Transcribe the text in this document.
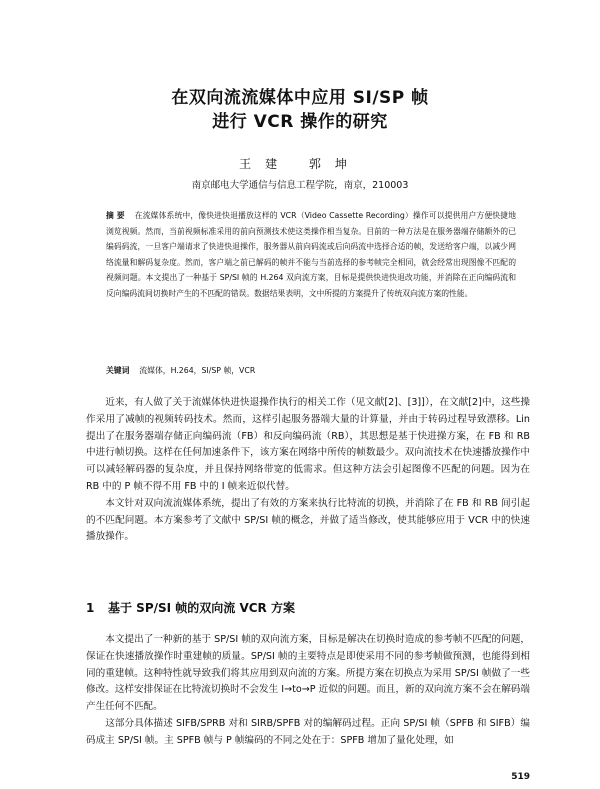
在双向流流媒体中应用 SI/SP 帧
进行 VCR 操作的研究
王建 郭坤
南京邮电大学通信与信息工程学院，南京，210003
摘 要 在流媒体系统中，像快进快退播放这样的 VCR（Video Cassette Recording）操作可以提供用户方便快捷地浏览视频。然而，当前视频标准采用的前向预测技术使这类操作相当复杂。目前的一种方法是在服务器端存储额外的已编码码流，一旦客户端请求了快进快退操作，服务器从前向码流或后向码流中选择合适的帧，发送给客户端，以减少网络流量和解码复杂度。然而，客户端之前已解码的帧并不能与当前选择的参考帧完全相同，就会经常出现图像不匹配的视频问题。本文提出了一种基于 SP/SI 帧的 H.264 双向流方案，目标是提供快进快退改功能，并消除在正向编码流和反向编码流间切换时产生的不匹配的错误。数据结果表明，文中所提的方案提升了传统双向流方案的性能。
关键词 流媒体，H.264，SI/SP 帧，VCR

近来，有人做了关于流媒体快进快退操作执行的相关工作（见文献[2]、[3]]），在文献[2]中，这些操作采用了减帧的视频转码技术。然而，这样引起服务器端大量的计算量，并由于转码过程导致漂移。Lin 提出了在服务器端存储正向编码流（FB）和反向编码流（RB），其思想是基于快进操方案，在 FB 和 RB 中进行帧切换。这样在任何加速条件下，该方案在网络中所传的帧数最少。双向流技术在快速播放操作中可以减轻解码器的复杂度，并且保持网络带宽的低需求。但这种方法会引起图像不匹配的问题。因为在 RB 中的 P 帧不得不用 FB 中的 I 帧来近似代替。

本文针对双向流流媒体系统，提出了有效的方案来执行比特流的切换，并消除了在 FB 和 RB 间引起的不匹配问题。本方案参考了文献中 SP/SI 帧的概念，并做了适当修改，使其能够应用于 VCR 中的快速播放操作。

1 基于 SP/SI 帧的双向流 VCR 方案

本文提出了一种新的基于 SP/SI 帧的双向流方案，目标是解决在切换时造成的参考帧不匹配的问题，保证在快速播放操作时重建帧的质量。SP/SI 帧的主要特点是即使采用不同的参考帧做预测，也能得到相同的重建帧。这种特性就导致我们将其应用到双向流的方案。所提方案在切换点为采用 SP/SI 帧做了一些修改。这样安排保证在比特流切换时不会发生 I→to→P 近似的问题。而且，新的双向流方案不会在解码端产生任何不匹配。

这部分具体描述 SIFB/SPRB 对和 SIRB/SPFB 对的编解码过程。正向 SP/SI 帧（SPFB 和 SIFB）编码成主 SP/SI 帧。主 SPFB 帧与 P 帧编码的不同之处在于：SPFB 增加了量化处理，如

519
